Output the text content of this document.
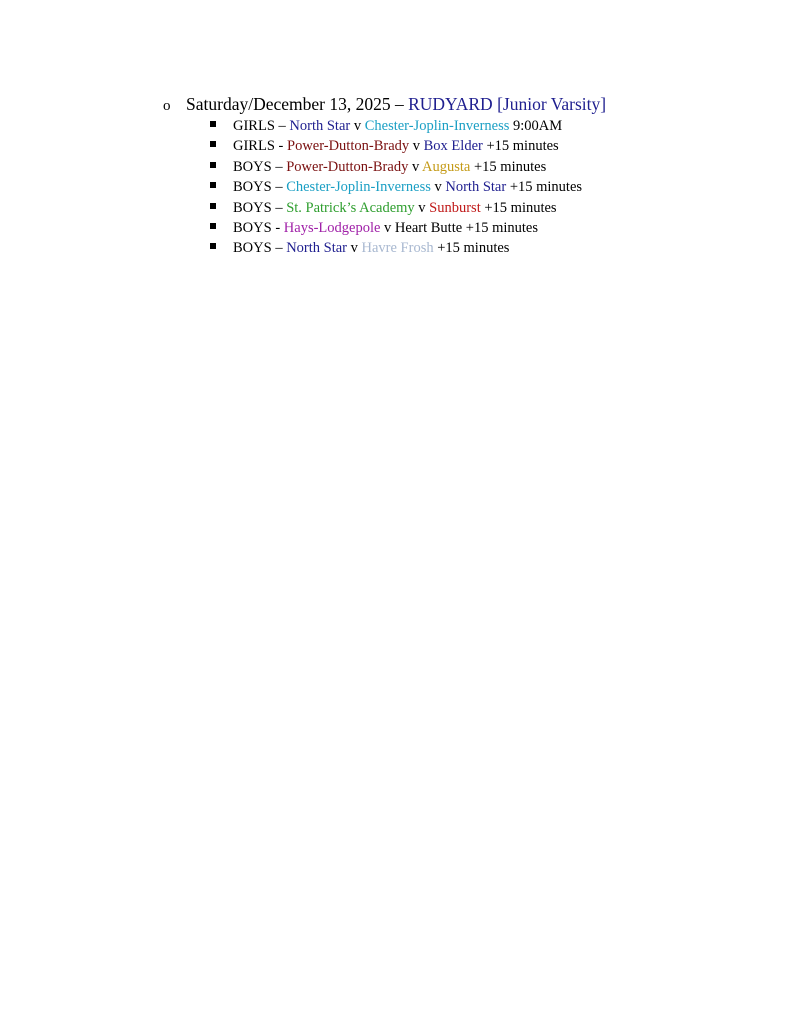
o Saturday/December 13, 2025 – RUDYARD [Junior Varsity]
GIRLS – North Star v Chester-Joplin-Inverness 9:00AM
GIRLS - Power-Dutton-Brady v Box Elder +15 minutes
BOYS – Power-Dutton-Brady v Augusta +15 minutes
BOYS – Chester-Joplin-Inverness v North Star +15 minutes
BOYS – St. Patrick’s Academy v Sunburst +15 minutes
BOYS - Hays-Lodgepole v Heart Butte +15 minutes
BOYS – North Star v Havre Frosh +15 minutes
